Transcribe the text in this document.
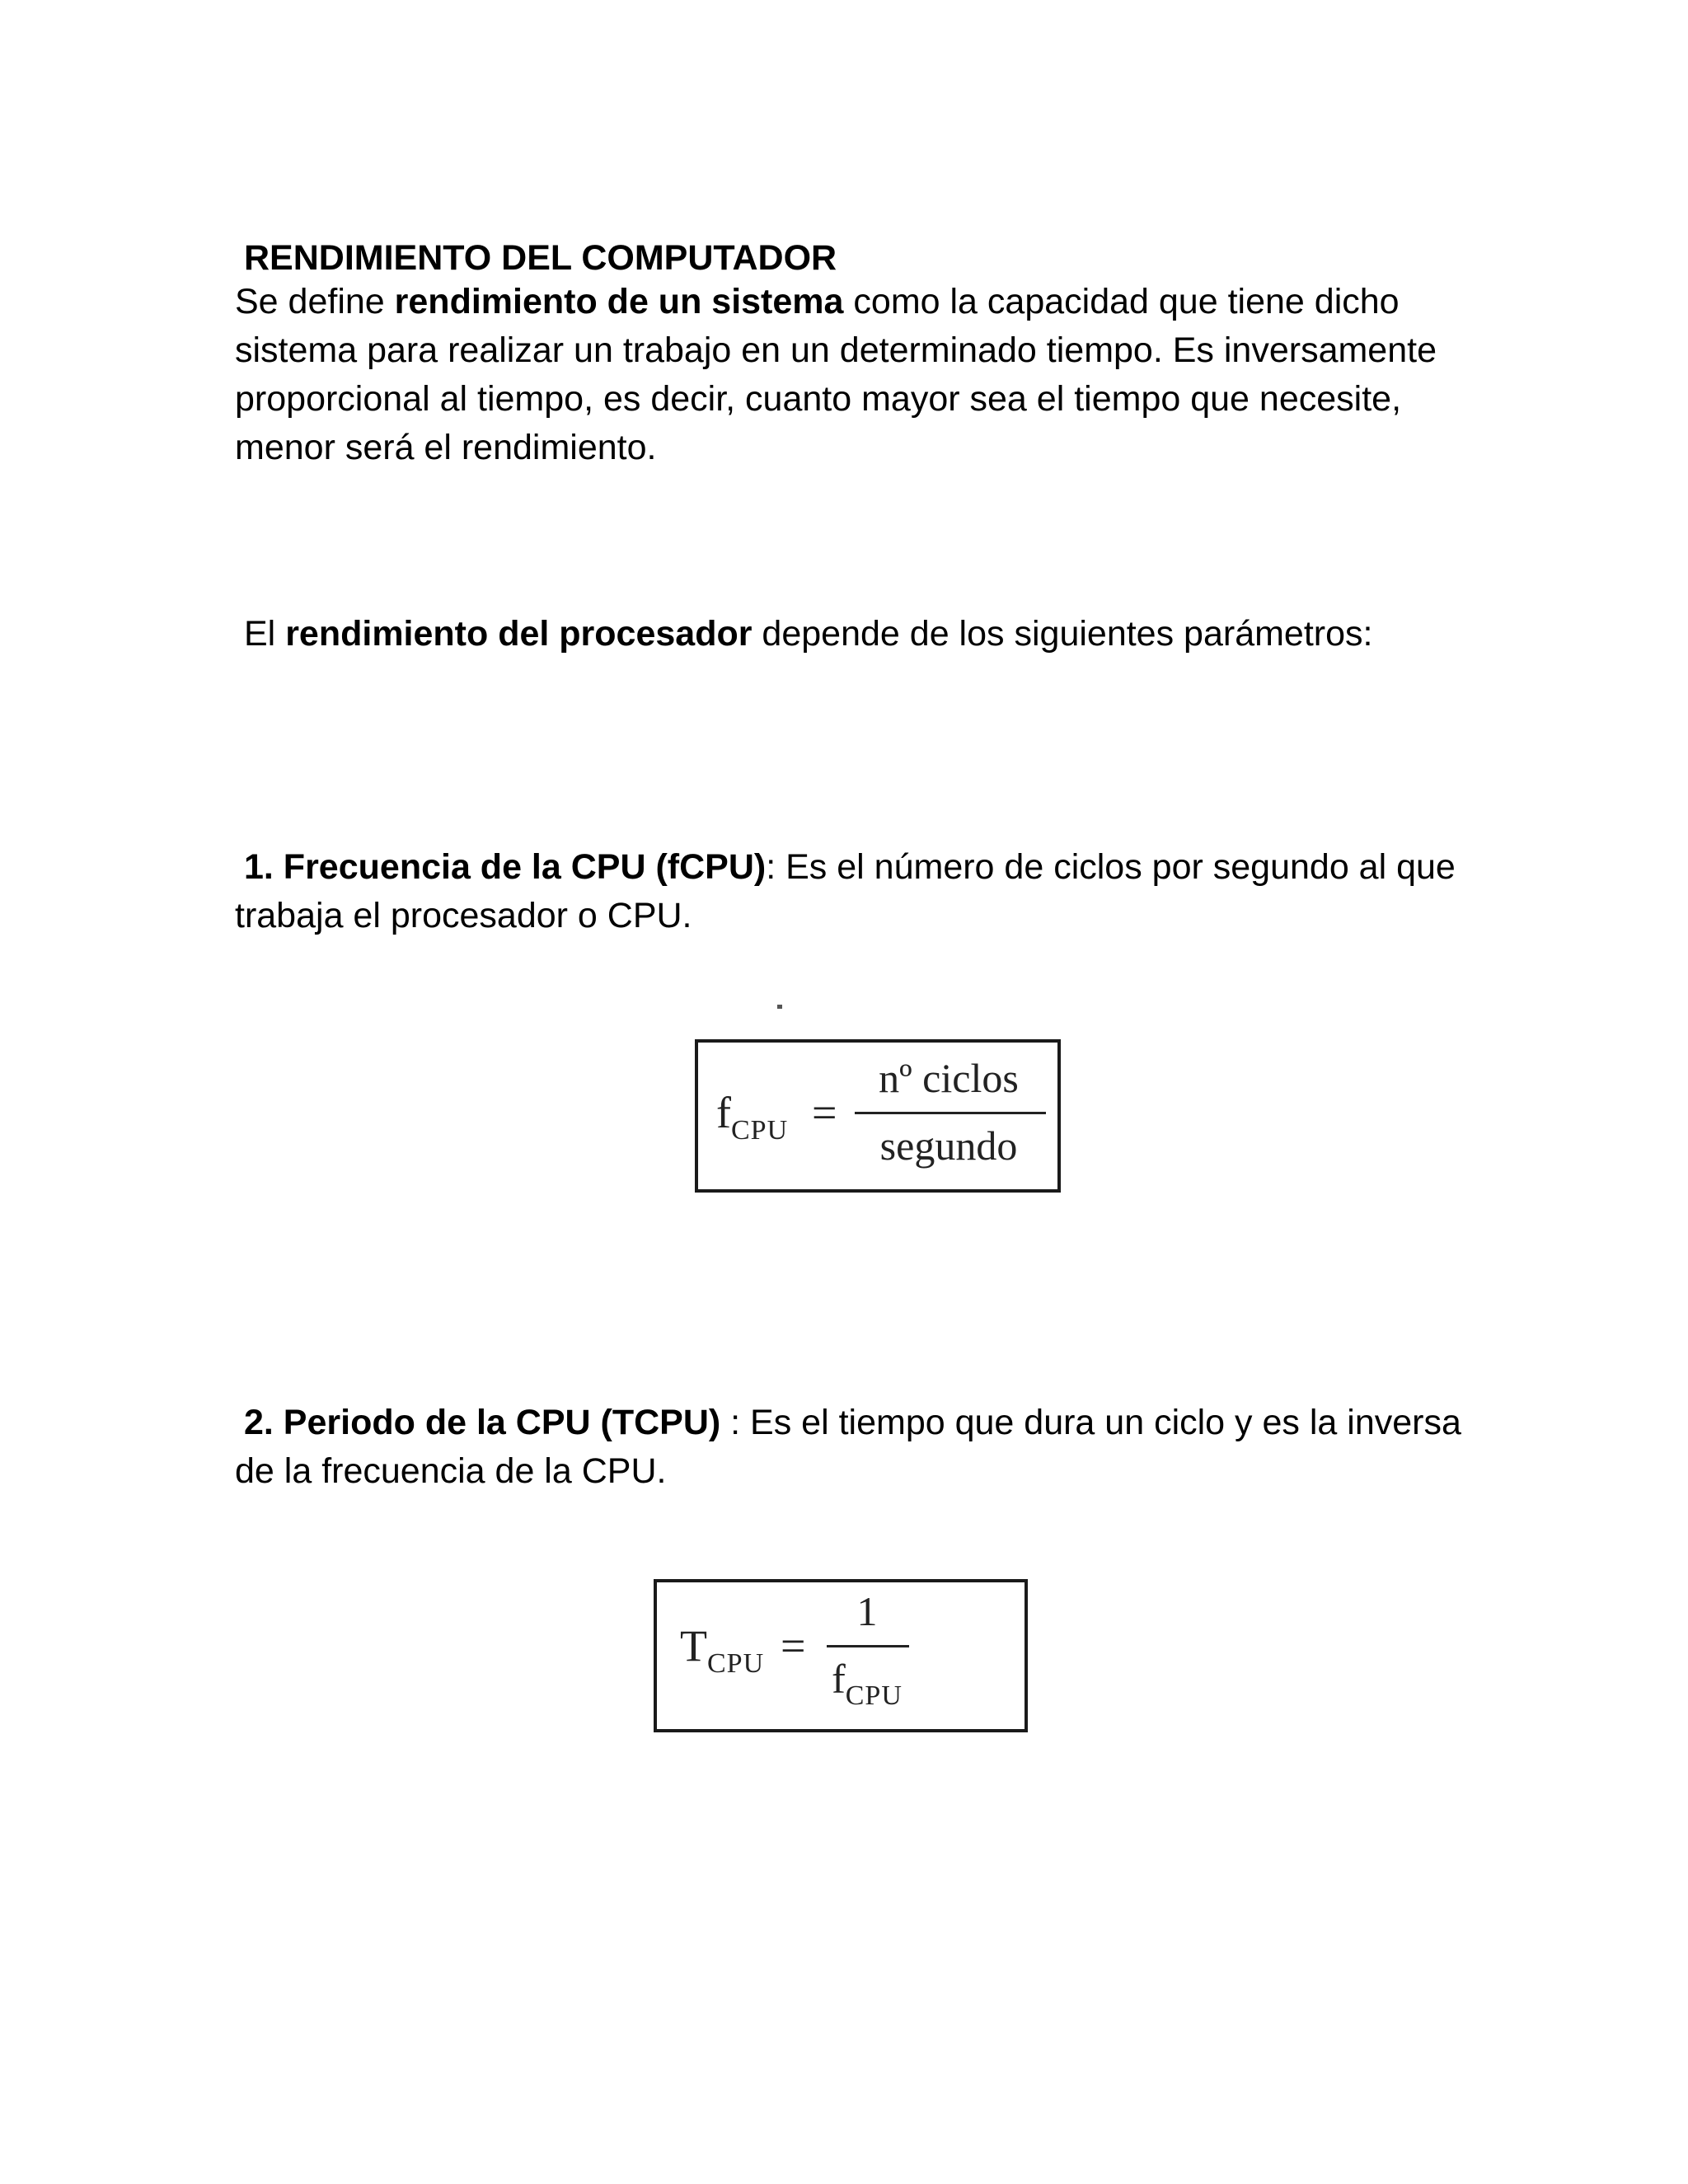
RENDIMIENTO DEL COMPUTADOR

Se define rendimiento de un sistema como la capacidad que tiene dicho sistema para realizar un trabajo en un determinado tiempo. Es inversamente proporcional al tiempo, es decir, cuanto mayor sea el tiempo que necesite, menor será el rendimiento.

El rendimiento del procesador depende de los siguientes parámetros:

1. Frecuencia de la CPU (fCPU): Es el número de ciclos por segundo al que trabaja el procesador o CPU.

$f_{CPU}$ =
nº ciclos
segundo

2. Periodo de la CPU (TCPU) : Es el tiempo que dura un ciclo y es la inversa de la frecuencia de la CPU.

$T_{CPU}$ =
1
$f_{CPU}$
